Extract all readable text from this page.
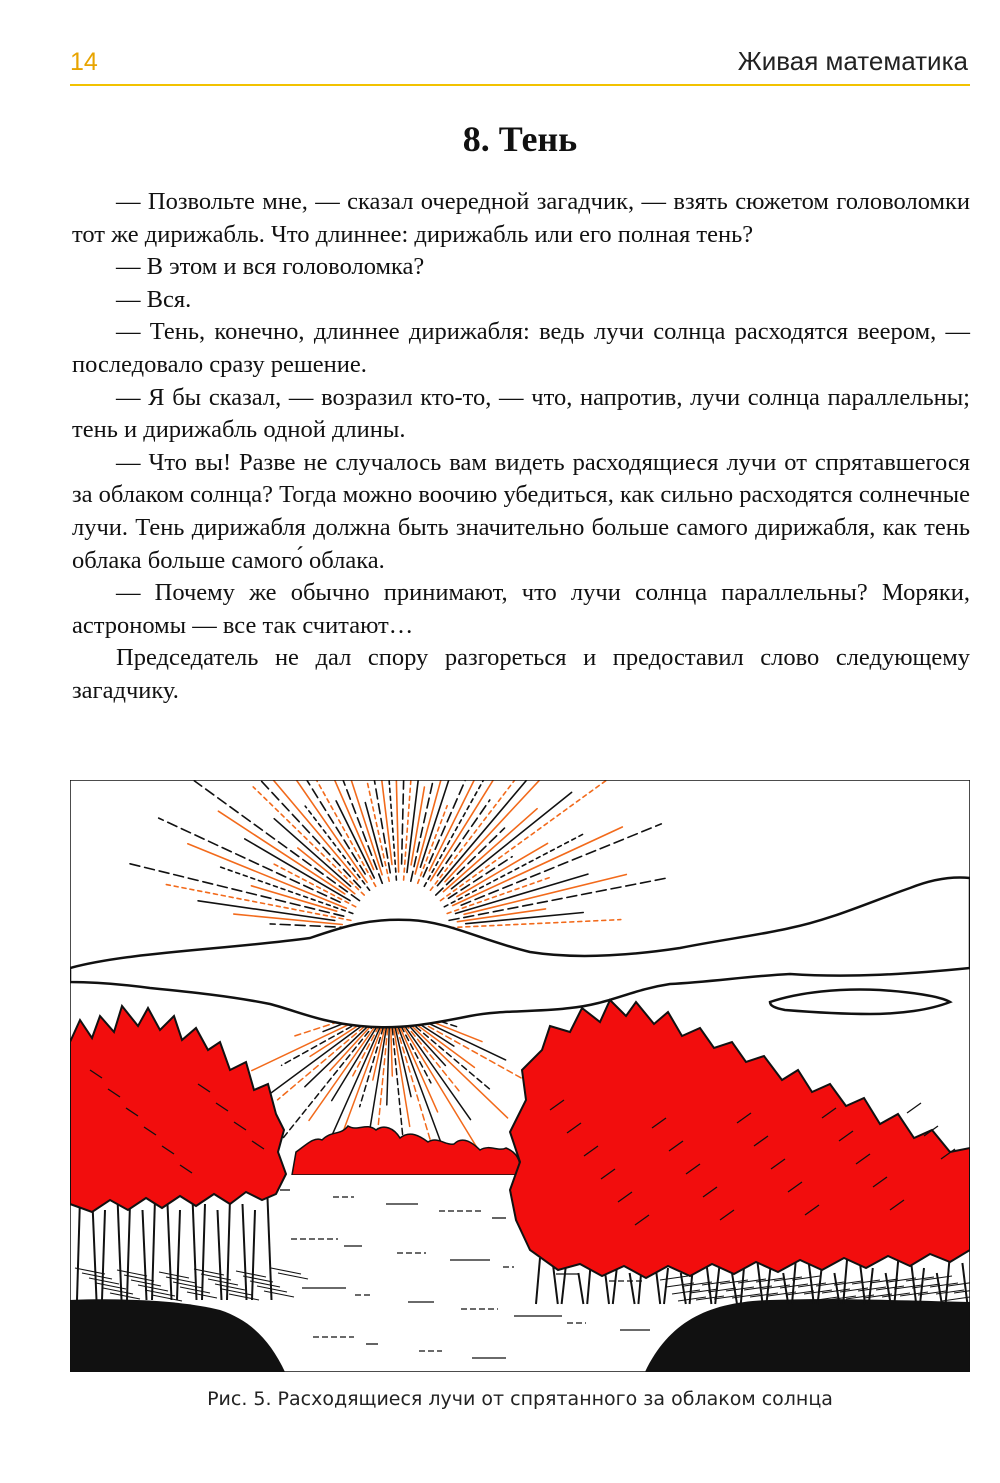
14	Живая математика
8. Тень

— Позвольте мне, — сказал очередной загадчик, — взять сюжетом головоломки тот же дирижабль. Что длиннее: дирижабль или его полная тень?

— В этом и вся головоломка?

— Вся.

— Тень, конечно, длиннее дирижабля: ведь лучи солнца расходятся веером, — последовало сразу решение.

— Я бы сказал, — возразил кто-то, — что, напротив, лучи солнца параллельны; тень и дирижабль одной длины.

— Что вы! Разве не случалось вам видеть расходящиеся лучи от спрятавшегося за облаком солнца? Тогда можно воочию убедиться, как сильно расходятся солнечные лучи. Тень дирижабля должна быть значительно больше самого дирижабля, как тень облака больше самого́ облака.

— Почему же обычно принимают, что лучи солнца параллельны? Моряки, астрономы — все так считают…

Председатель не дал спору разгореться и предоставил слово следующему загадчику.

Рис. 5. Расходящиеся лучи от спрятанного за облаком солнца
